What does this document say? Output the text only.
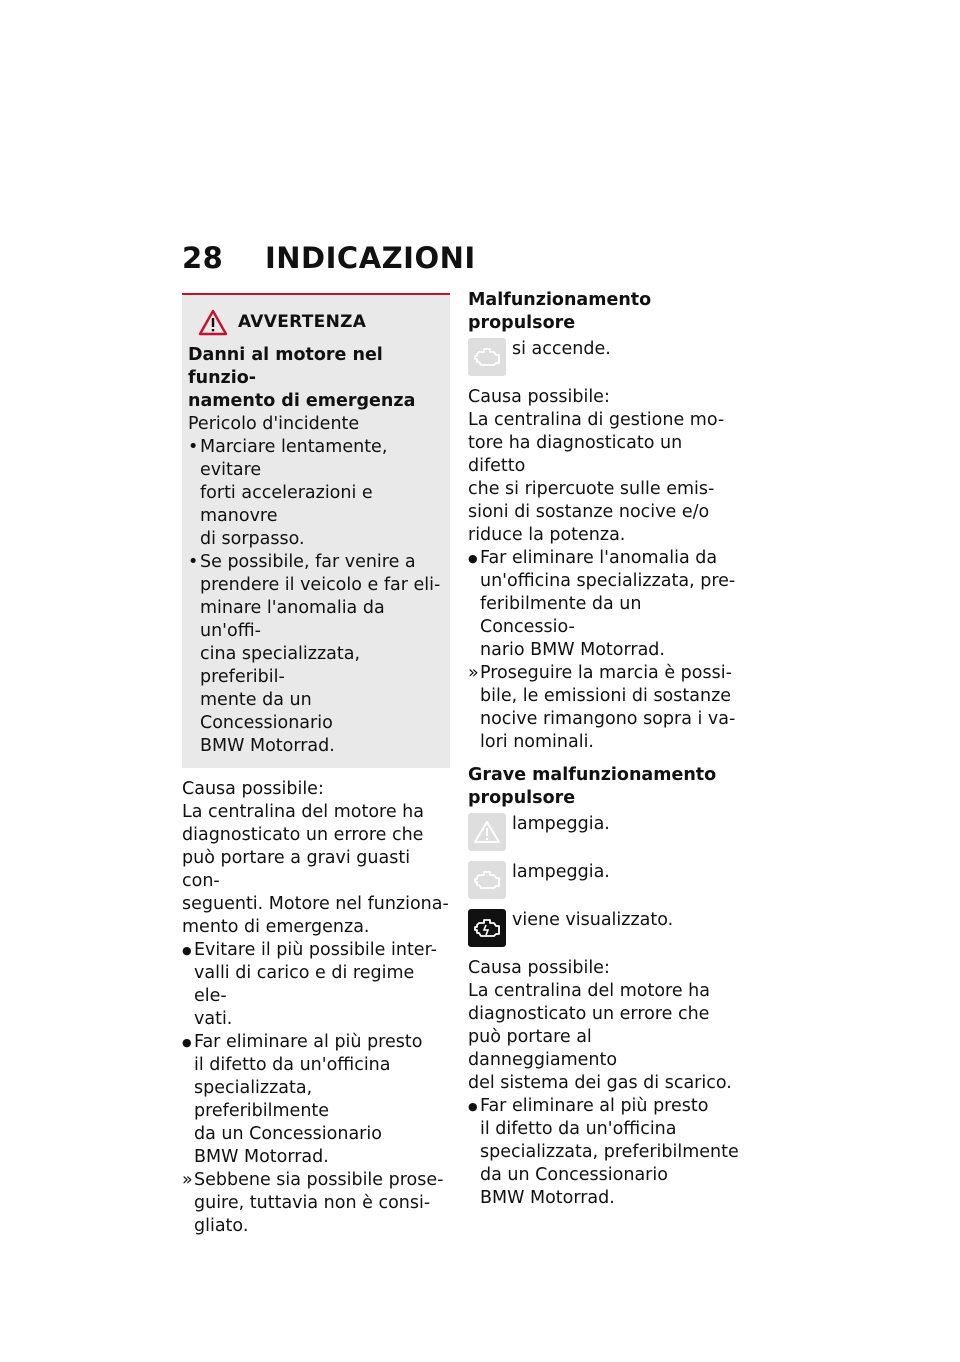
28 INDICAZIONI
AVVERTENZA
Danni al motore nel funzio-
namento di emergenza
Pericolo d'incidente
• Marciare lentamente, evitare
forti accelerazioni e manovre
di sorpasso.
• Se possibile, far venire a
prendere il veicolo e far eli-
minare l'anomalia da un'offi-
cina specializzata, preferibil-
mente da un Concessionario
BMW Motorrad.
Causa possibile:
La centralina del motore ha
diagnosticato un errore che
può portare a gravi guasti con-
seguenti. Motore nel funziona-
mento di emergenza.
● Evitare il più possibile inter-
valli di carico e di regime ele-
vati.
● Far eliminare al più presto
il difetto da un'officina
specializzata, preferibilmente
da un Concessionario
BMW Motorrad.
» Sebbene sia possibile prose-
guire, tuttavia non è consi-
gliato.
Malfunzionamento propulsore
si accende.
Causa possibile:
La centralina di gestione mo-
tore ha diagnosticato un difetto
che si ripercuote sulle emis-
sioni di sostanze nocive e/o
riduce la potenza.
● Far eliminare l'anomalia da
un'officina specializzata, pre-
feribilmente da un Concessio-
nario BMW Motorrad.
» Proseguire la marcia è possi-
bile, le emissioni di sostanze
nocive rimangono sopra i va-
lori nominali.
Grave malfunzionamento
propulsore
lampeggia.
lampeggia.
viene visualizzato.
Causa possibile:
La centralina del motore ha
diagnosticato un errore che
può portare al danneggiamento
del sistema dei gas di scarico.
● Far eliminare al più presto
il difetto da un'officina
specializzata, preferibilmente
da un Concessionario
BMW Motorrad.
